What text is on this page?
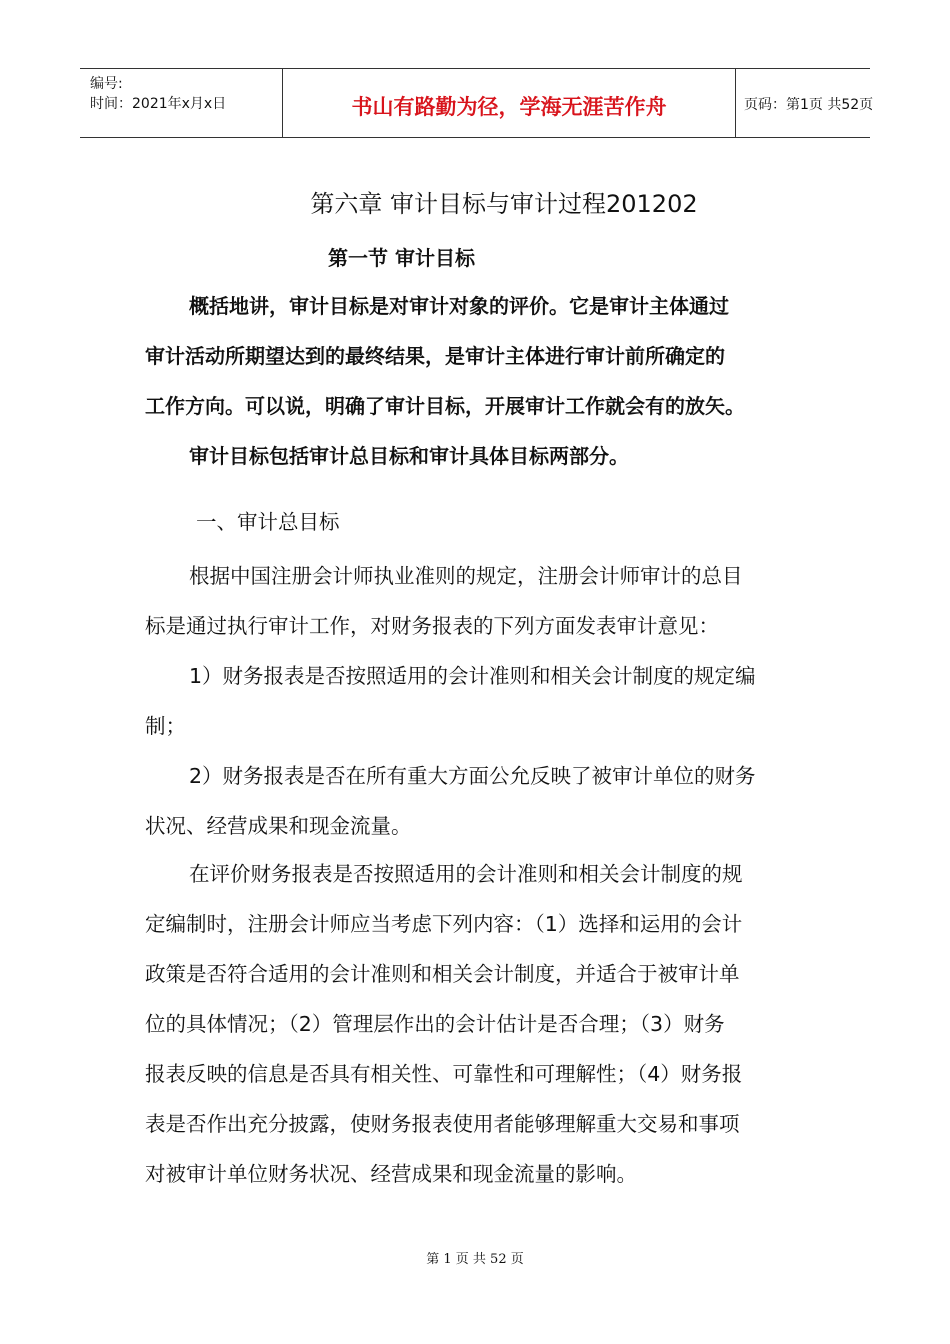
编号:
时间：2021年x月x日	书山有路勤为径，学海无涯苦作舟	页码：第1页 共52页
第六章 审计目标与审计过程201202
第一节 审计目标
概括地讲，审计目标是对审计对象的评价。它是审计主体通过
审计活动所期望达到的最终结果，是审计主体进行审计前所确定的
工作方向。可以说，明确了审计目标，开展审计工作就会有的放矢。
审计目标包括审计总目标和审计具体目标两部分。
一、审计总目标
根据中国注册会计师执业准则的规定，注册会计师审计的总目
标是通过执行审计工作，对财务报表的下列方面发表审计意见：
1）财务报表是否按照适用的会计准则和相关会计制度的规定编
制；
2）财务报表是否在所有重大方面公允反映了被审计单位的财务
状况、经营成果和现金流量。
在评价财务报表是否按照适用的会计准则和相关会计制度的规
定编制时，注册会计师应当考虑下列内容：（1）选择和运用的会计
政策是否符合适用的会计准则和相关会计制度，并适合于被审计单
位的具体情况；（2）管理层作出的会计估计是否合理；（3）财务
报表反映的信息是否具有相关性、可靠性和可理解性；（4）财务报
表是否作出充分披露，使财务报表使用者能够理解重大交易和事项
对被审计单位财务状况、经营成果和现金流量的影响。
第 1 页 共 52 页
